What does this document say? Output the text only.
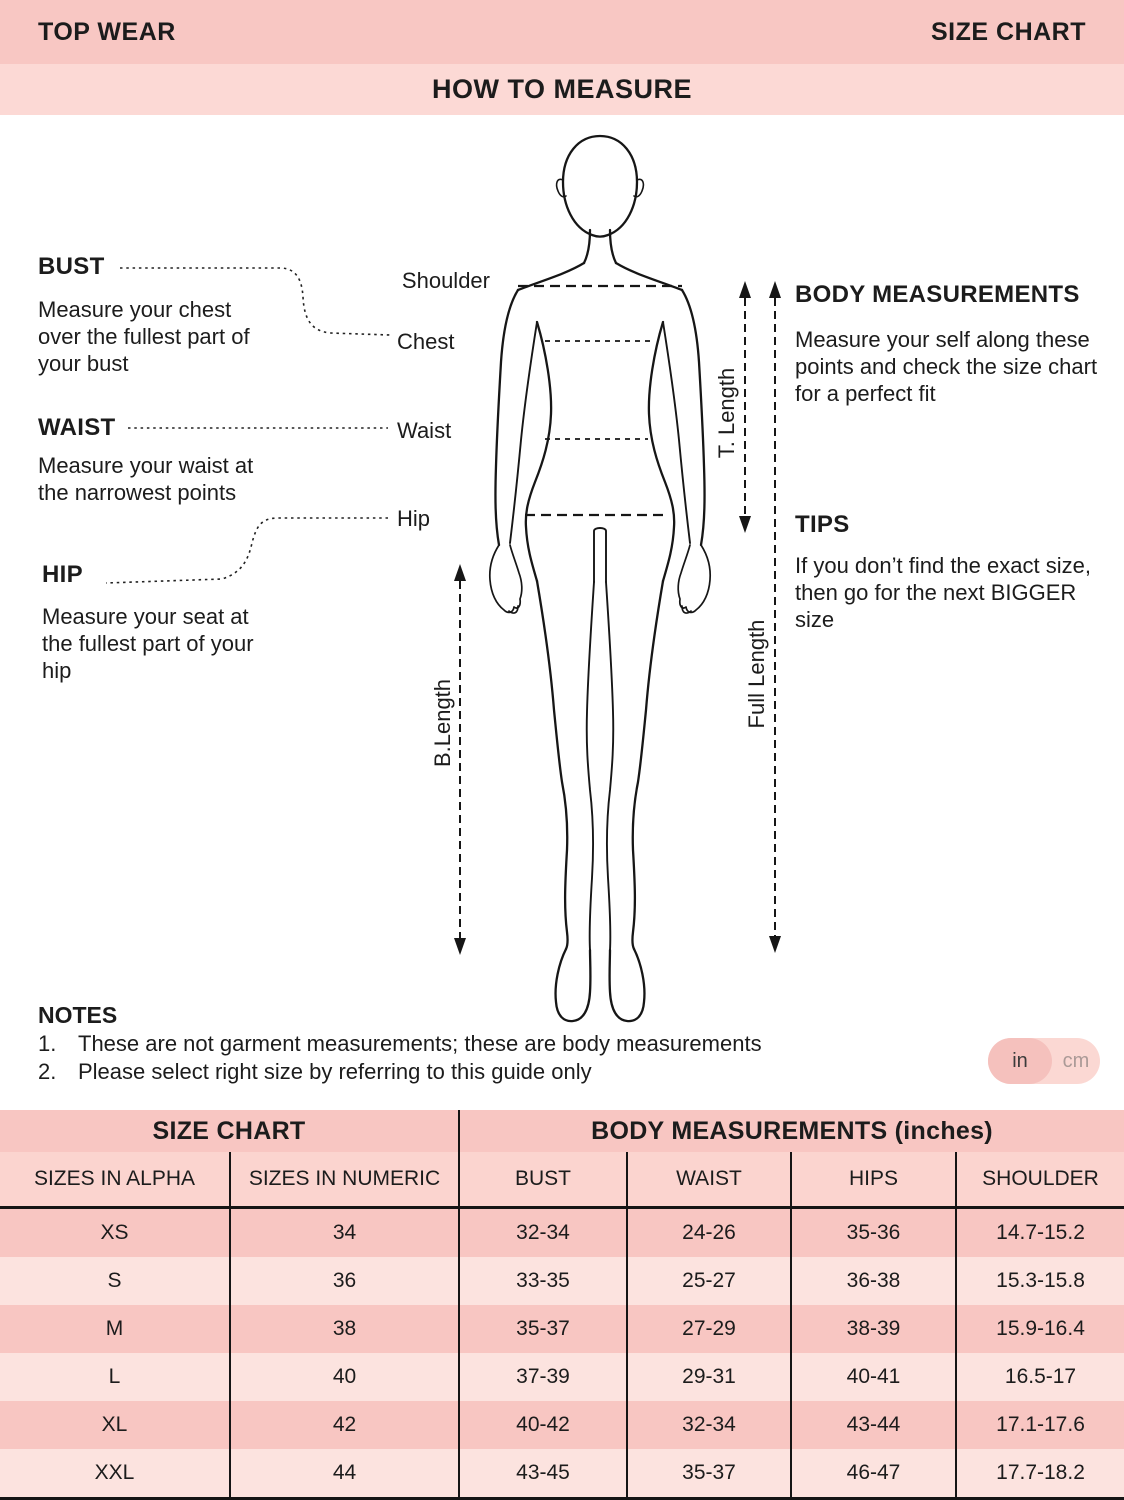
TOP WEAR	SIZE CHART
HOW TO MEASURE
BUST
Measure your chest over the fullest part of your bust
WAIST
Measure your waist at the narrowest points
HIP
Measure your seat at the fullest part of your hip
BODY MEASUREMENTS
Measure your self along these points and check the size chart for a perfect fit
TIPS
If you don’t find the exact size, then go for the next BIGGER size
Shoulder
Chest
Waist
Hip
T. Length
Full Length
B.Length
NOTES
1. These are not garment measurements; these are body measurements
2. Please select right size by referring to this guide only	in	cm
SIZE CHART		BODY MEASUREMENTS (inches)			
SIZES IN ALPHA	SIZES IN NUMERIC	BUST	WAIST	HIPS	SHOULDER
XS	34	32-34	24-26	35-36	14.7-15.2
S	36	33-35	25-27	36-38	15.3-15.8
M	38	35-37	27-29	38-39	15.9-16.4
L	40	37-39	29-31	40-41	16.5-17
XL	42	40-42	32-34	43-44	17.1-17.6
XXL	44	43-45	35-37	46-47	17.7-18.2
